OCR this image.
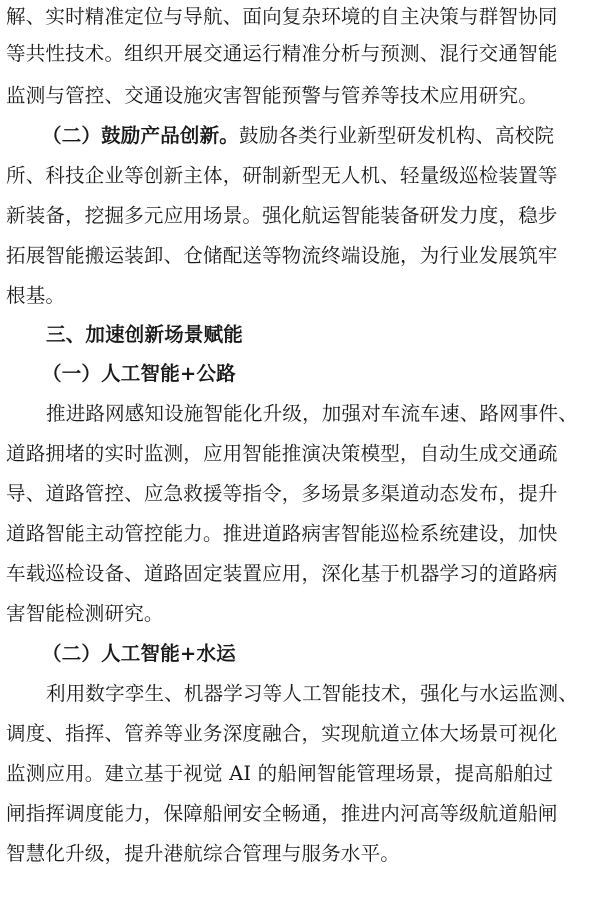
解、实时精准定位与导航、面向复杂环境的自主决策与群智协同
等共性技术。组织开展交通运行精准分析与预测、混行交通智能
监测与管控、交通设施灾害智能预警与管养等技术应用研究。
（二）鼓励产品创新。鼓励各类行业新型研发机构、高校院
所、科技企业等创新主体，研制新型无人机、轻量级巡检装置等
新装备，挖掘多元应用场景。强化航运智能装备研发力度，稳步
拓展智能搬运装卸、仓储配送等物流终端设施，为行业发展筑牢
根基。
三、加速创新场景赋能
（一）人工智能+公路
推进路网感知设施智能化升级，加强对车流车速、路网事件、
道路拥堵的实时监测，应用智能推演决策模型，自动生成交通疏
导、道路管控、应急救援等指令，多场景多渠道动态发布，提升
道路智能主动管控能力。推进道路病害智能巡检系统建设，加快
车载巡检设备、道路固定装置应用，深化基于机器学习的道路病
害智能检测研究。
（二）人工智能+水运
利用数字孪生、机器学习等人工智能技术，强化与水运监测、
调度、指挥、管养等业务深度融合，实现航道立体大场景可视化
监测应用。建立基于视觉 AI 的船闸智能管理场景，提高船舶过
闸指挥调度能力，保障船闸安全畅通，推进内河高等级航道船闸
智慧化升级，提升港航综合管理与服务水平。
